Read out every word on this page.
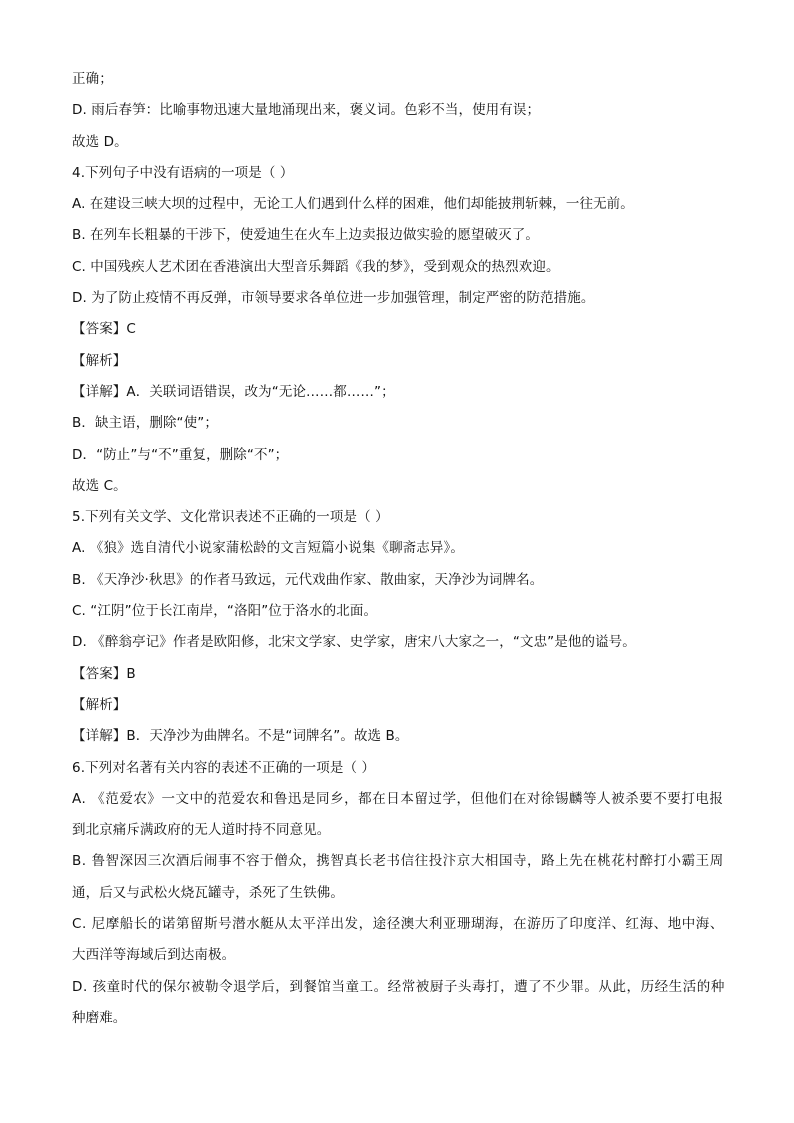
正确；
D. 雨后春笋：比喻事物迅速大量地涌现出来，褒义词。色彩不当，使用有误；
故选 D。
4.下列句子中没有语病的一项是（ ）
A. 在建设三峡大坝的过程中，无论工人们遇到什么样的困难，他们却能披荆斩棘，一往无前。
B. 在列车长粗暴的干涉下，使爱迪生在火车上边卖报边做实验的愿望破灭了。
C. 中国残疾人艺术团在香港演出大型音乐舞蹈《我的梦》，受到观众的热烈欢迎。
D. 为了防止疫情不再反弹，市领导要求各单位进一步加强管理，制定严密的防范措施。
【答案】C
【解析】
【详解】A．关联词语错误，改为“无论……都……”；
B．缺主语，删除“使”；
D．“防止”与“不”重复，删除“不”；
故选 C。
5.下列有关文学、文化常识表述不正确的一项是（ ）
A. 《狼》选自清代小说家蒲松龄的文言短篇小说集《聊斋志异》。
B. 《天净沙·秋思》的作者马致远，元代戏曲作家、散曲家，天净沙为词牌名。
C. “江阴”位于长江南岸，“洛阳”位于洛水的北面。
D. 《醉翁亭记》作者是欧阳修，北宋文学家、史学家，唐宋八大家之一，“文忠”是他的谥号。
【答案】B
【解析】
【详解】B．天净沙为曲牌名。不是“词牌名”。故选 B。
6.下列对名著有关内容的表述不正确的一项是（ ）
A. 《范爱农》一文中的范爱农和鲁迅是同乡，都在日本留过学，但他们在对徐锡麟等人被杀要不要打电报
到北京痛斥满政府的无人道时持不同意见。
B. 鲁智深因三次酒后闹事不容于僧众，携智真长老书信往投汴京大相国寺，路上先在桃花村醉打小霸王周
通，后又与武松火烧瓦罐寺，杀死了生铁佛。
C. 尼摩船长的诺第留斯号潜水艇从太平洋出发，途径澳大利亚珊瑚海，在游历了印度洋、红海、地中海、
大西洋等海域后到达南极。
D. 孩童时代的保尔被勒令退学后，到餐馆当童工。经常被厨子头毒打，遭了不少罪。从此，历经生活的种
种磨难。
